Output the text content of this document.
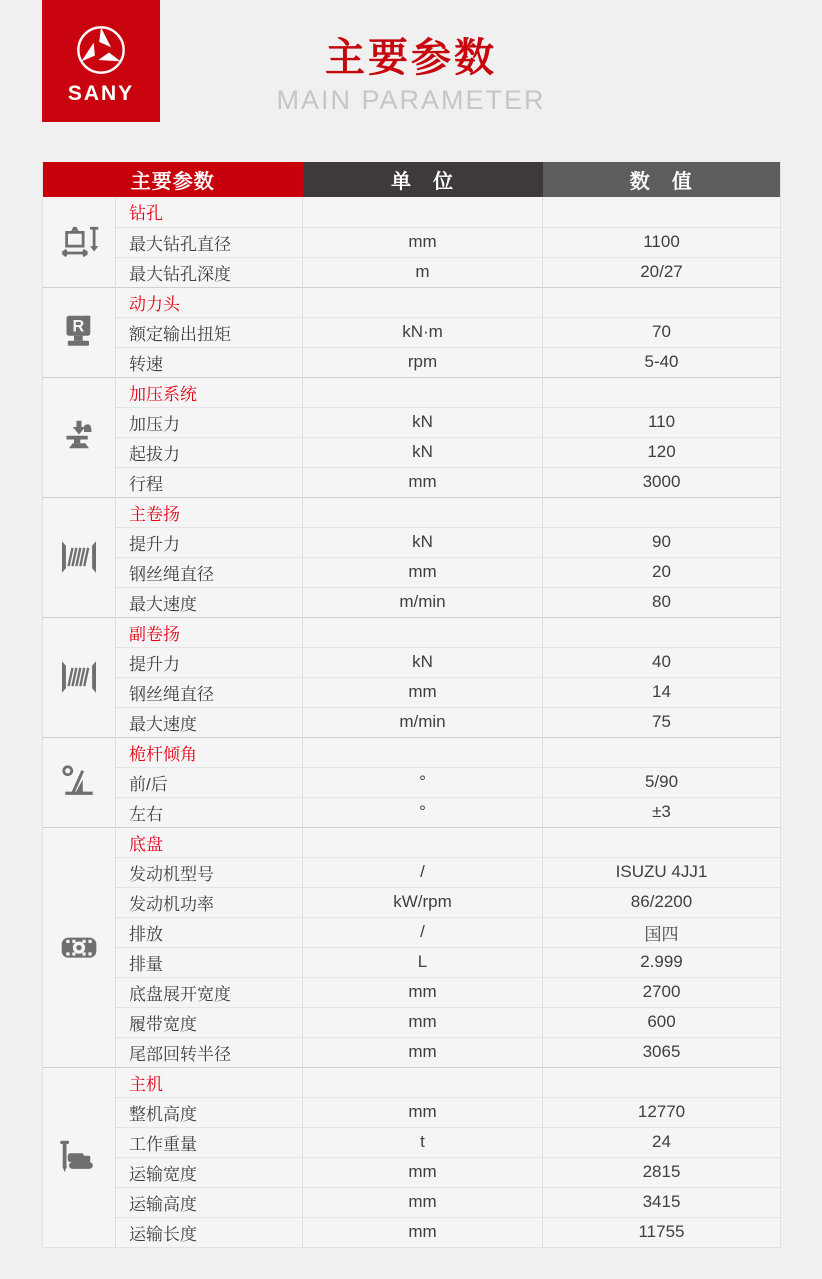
SANY
主要参数
MAIN PARAMETER
主要参数		单　位	数　值

	钻孔		
	最大钻孔直径	mm	1100
	最大钻孔深度	m	20/27

R	动力头		
	额定输出扭矩	kN·m	70
	转速	rpm	5-40

	加压系统		
	加压力	kN	110
	起拔力	kN	120
	行程	mm	3000

	主卷扬		
	提升力	kN	90
	钢丝绳直径	mm	20
	最大速度	m/min	80

	副卷扬		
	提升力	kN	40
	钢丝绳直径	mm	14
	最大速度	m/min	75

	桅杆倾角		
	前/后	°	5/90
	左右	°	±3

	底盘		
	发动机型号	/	ISUZU 4JJ1
	发动机功率	kW/rpm	86/2200
	排放	/	国四
	排量	L	2.999
	底盘展开宽度	mm	2700
	履带宽度	mm	600
	尾部回转半径	mm	3065

	主机		
	整机高度	mm	12770
	工作重量	t	24
	运输宽度	mm	2815
	运输高度	mm	3415
	运输长度	mm	11755
